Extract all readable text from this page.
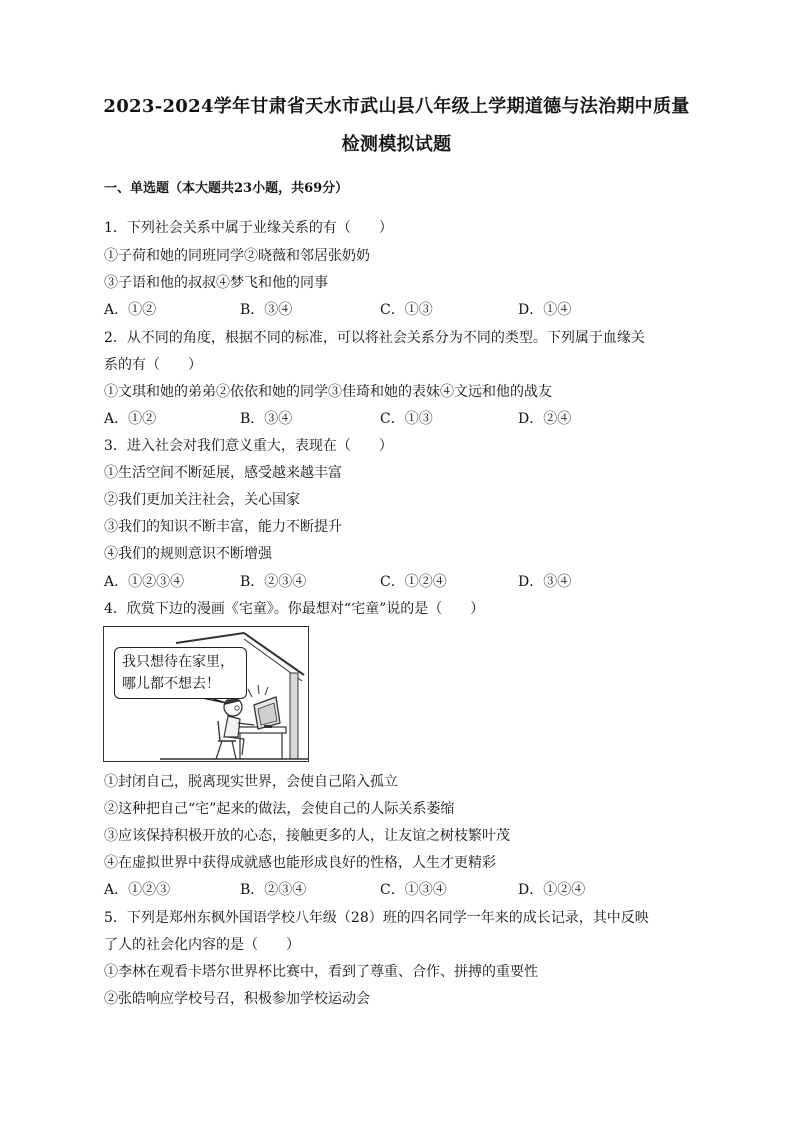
2023-2024学年甘肃省天水市武山县八年级上学期道德与法治期中质量
检测模拟试题
一、单选题（本大题共23小题，共69分）
1．下列社会关系中属于业缘关系的有（　　）
①子荷和她的同班同学②晓薇和邻居张奶奶
③子语和他的叔叔④梦飞和他的同事
A．①②	B．③④	C．①③	D．①④
2．从不同的角度，根据不同的标准，可以将社会关系分为不同的类型。下列属于血缘关
系的有（　　）
①文琪和她的弟弟②依依和她的同学③佳琦和她的表妹④文远和他的战友
A．①②	B．③④	C．①③	D．②④
3．进入社会对我们意义重大，表现在（　　）
①生活空间不断延展，感受越来越丰富
②我们更加关注社会，关心国家
③我们的知识不断丰富，能力不断提升
④我们的规则意识不断增强
A．①②③④	B．②③④	C．①②④	D．③④
4．欣赏下边的漫画《宅童》。你最想对“宅童”说的是（　　）
我只想待在家里，
哪儿都不想去！
①封闭自己，脱离现实世界，会使自己陷入孤立
②这种把自己“宅”起来的做法，会使自己的人际关系萎缩
③应该保持积极开放的心态，接触更多的人，让友谊之树枝繁叶茂
④在虚拟世界中获得成就感也能形成良好的性格，人生才更精彩
A．①②③	B．②③④	C．①③④	D．①②④
5．下列是郑州东枫外国语学校八年级（28）班的四名同学一年来的成长记录，其中反映
了人的社会化内容的是（　　）
①李林在观看卡塔尔世界杯比赛中，看到了尊重、合作、拼搏的重要性
②张皓响应学校号召，积极参加学校运动会
